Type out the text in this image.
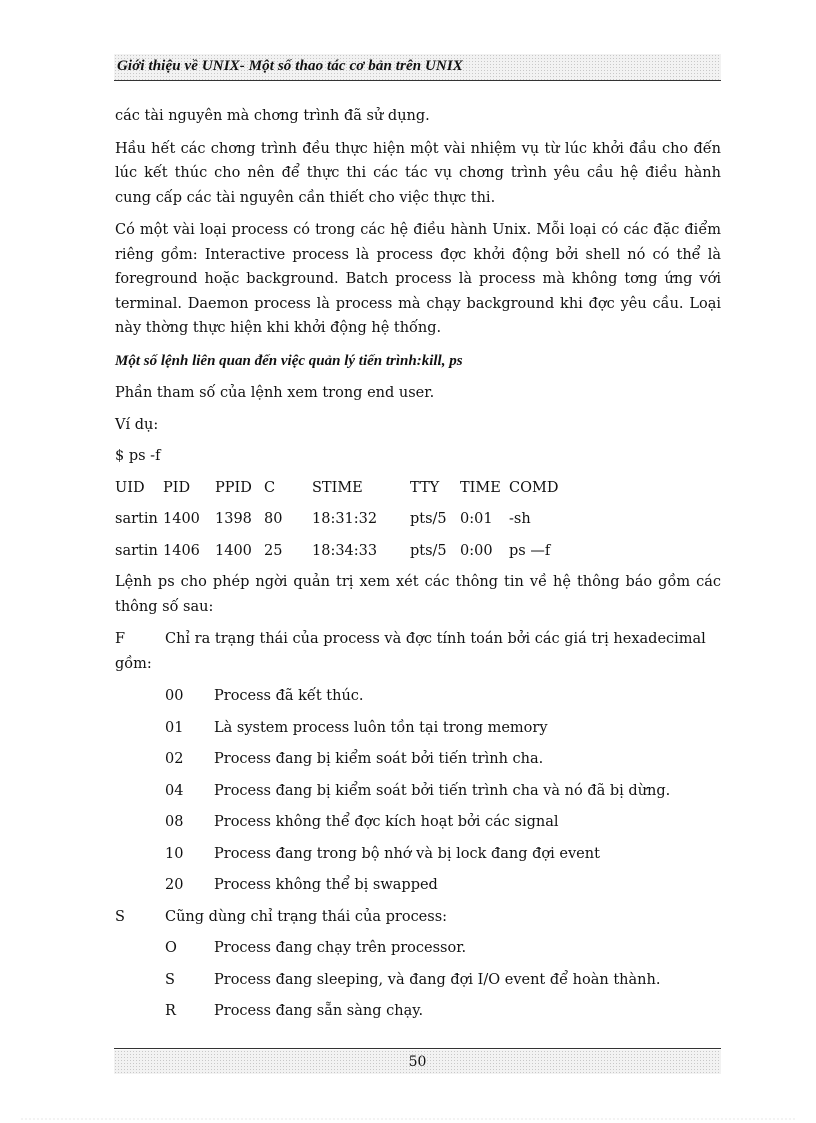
Giới thiệu về UNIX- Một số thao tác cơ bản trên UNIX

các tài nguyên mà chơng trình đã sử dụng.

Hầu hết các chơng trình đều thực hiện một vài nhiệm vụ từ lúc khởi đầu cho đến lúc kết thúc cho nên để thực thi các tác vụ chơng trình yêu cầu hệ điều hành cung cấp các tài nguyên cần thiết cho việc thực thi.

Có một vài loại process có trong các hệ điều hành Unix. Mỗi loại có các đặc điểm riêng gồm: Interactive process là process đợc khởi động bởi shell nó có thể là foreground hoặc background. Batch process là process mà không tơng ứng với terminal. Daemon process là process mà chạy background khi đợc yêu cầu. Loại này thờng thực hiện khi khởi động hệ thống.

Một số lệnh liên quan đến việc quản lý tiến trình:kill, ps

Phần tham số của lệnh xem trong end user.

Ví dụ:

$ ps -f

UID	PID	PPID C	STIME	TTY	TIME COMD
sartin 1400	1398 80	18:31:32	pts/5 0:01	-sh
sartin 1406	1400 25	18:34:33	pts/5 0:00	ps —f

Lệnh ps cho phép ngời quản trị xem xét các thông tin về hệ thông báo gồm các thông số sau:

F	Chỉ ra trạng thái của process và đợc tính toán bởi các giá trị hexadecimal

gồm:

00	Process đã kết thúc.
01	Là system process luôn tồn tại trong memory
02	Process đang bị kiểm soát bởi tiến trình cha.
04	Process đang bị kiểm soát bởi tiến trình cha và nó đã bị dừng.
08	Process không thể đợc kích hoạt bởi các signal
10	Process đang trong bộ nhớ và bị lock đang đợi event
20	Process không thể bị swapped
S	Cũng dùng chỉ trạng thái của process:
O	Process đang chạy trên processor.
S	Process đang sleeping, và đang đợi I/O event để hoàn thành.
R	Process đang sẵn sàng chạy.
50
